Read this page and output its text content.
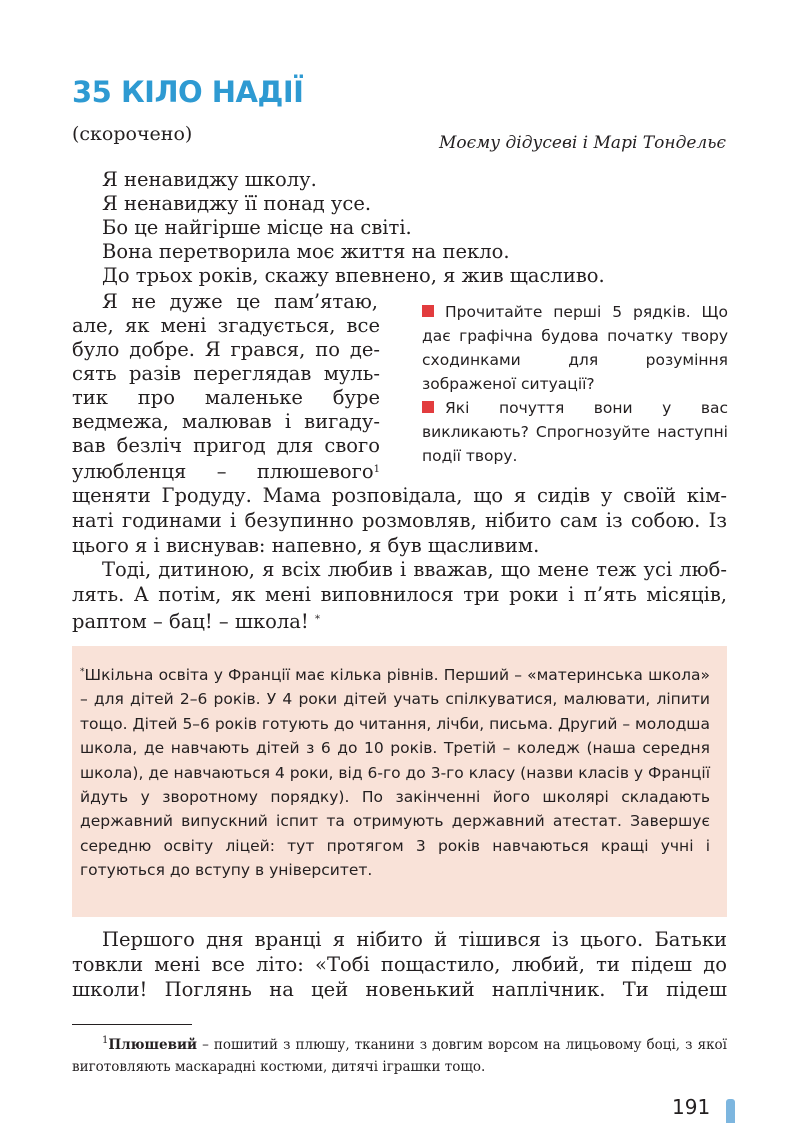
35 КІЛО НАДІЇ
(скорочено)	Моєму дідусеві і Марі Тондельє
Я ненавиджу школу.
Я ненавиджу її понад усе.
Бо це найгірше місце на світі.
Вона перетворила моє життя на пекло.
До трьох років, скажу впевнено, я жив щасливо.
Я не дуже це пам’ятаю,
але, як мені згадується, все
було добре. Я грався, по де-
сять разів переглядав муль-
тик про маленьке буре
ведмежа, малював і вигаду-
вав безліч пригод для свого
улюбленця – плюшевого$^1$
щеняти Гродуду. Мама розповідала, що я сидів у своїй кім-
наті годинами і безупинно розмовляв, нібито сам із собою. Із
цього я і виснував: напевно, я був щасливим.
Тоді, дитиною, я всіх любив і вважав, що мене теж усі люб-
лять. А потім, як мені виповнилося три роки і п’ять місяців,
раптом – бац! – школа! *

Прочитайте перші 5 рядків. Що дає графічна будова початку твору сходинками для розуміння зображеної ситуації?

Які почуття вони у вас викликають? Спрогнозуйте наступні події твору.

*Шкільна освіта у Франції має кілька рівнів. Перший – «материнська школа» – для дітей 2–6 років. У 4 роки дітей учать спілкуватися, малювати, ліпити тощо. Дітей 5–6 років готують до читання, лічби, письма. Другий – молодша школа, де навчають дітей з 6 до 10 років. Третій – коледж (наша середня школа), де навчаються 4 роки, від 6-го до 3-го класу (назви класів у Франції йдуть у зворотному порядку). По закінченні його школярі складають державний випускний іспит та отримують державний атестат. Завершує середню освіту ліцей: тут протягом 3 років навчаються кращі учні і готуються до вступу в університет.
Першого дня вранці я нібито й тішився із цього. Батьки
товкли мені все літо: «Тобі пощастило, любий, ти підеш до
школи! Поглянь на цей новенький наплічник. Ти підеш
$^1$Плюшевий – пошитий з плюшу, тканини з довгим ворсом на лицьовому боці, з якої виготовляють маскарадні костюми, дитячі іграшки тощо.
191
